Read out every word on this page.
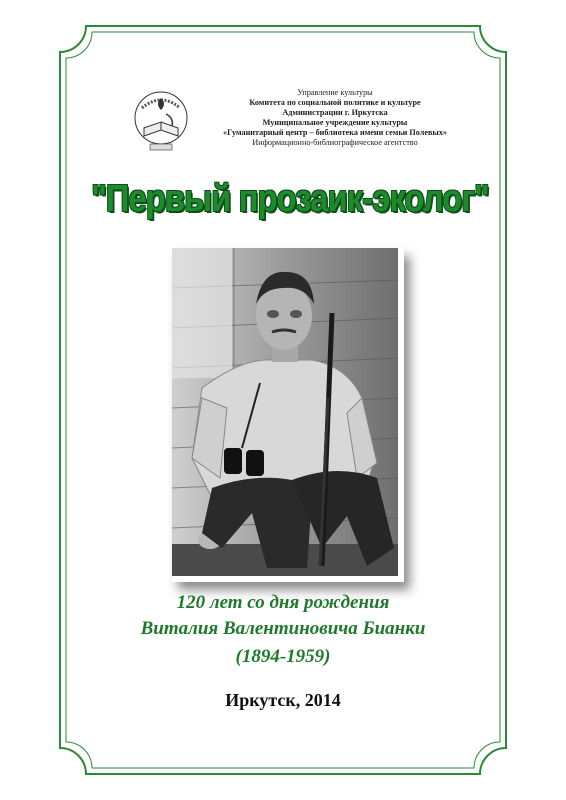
Управление культуры
Комитета по социальной политике и культуре
Администрации г. Иркутска
Муниципальное учреждение культуры
«Гуманитарный центр – библиотека имени семьи Полевых»
Информационно-библиографическое агентство
"Первый прозаик-эколог"
120 лет со дня рождения
Виталия Валентиновича Бианки
(1894-1959)
Иркутск, 2014
